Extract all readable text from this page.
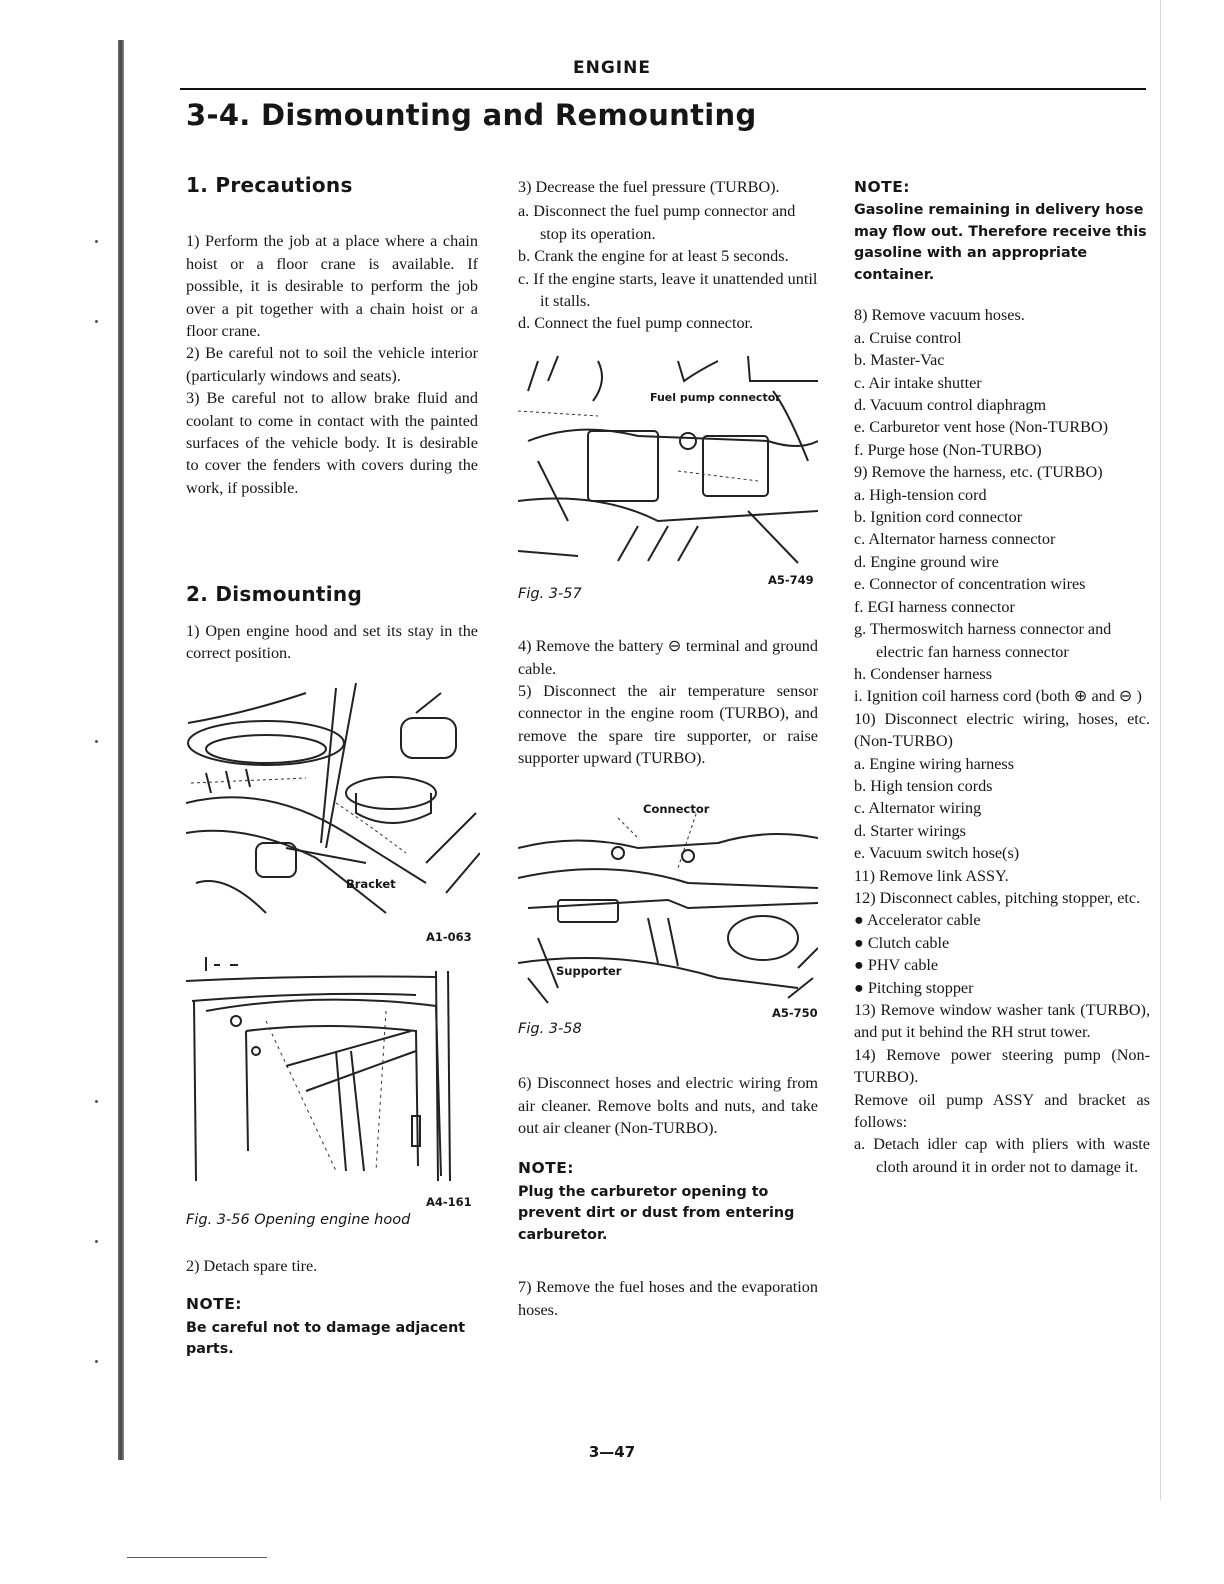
ENGINE
3-4. Dismounting and Remounting
1. Precautions

1) Perform the job at a place where a chain hoist or a floor crane is available. If possible, it is desirable to perform the job over a pit together with a chain hoist or a floor crane.

2) Be careful not to soil the vehicle interior (particularly windows and seats).

3) Be careful not to allow brake fluid and coolant to come in contact with the painted surfaces of the vehicle body. It is desirable to cover the fenders with covers during the work, if possible.

2. Dismounting

1) Open engine hood and set its stay in the correct position.

Bracket
A1-063
A4-161

Fig. 3-56 Opening engine hood

2) Detach spare tire.

NOTE:

Be careful not to damage adjacent parts.

3) Decrease the fuel pressure (TURBO).

a. Disconnect the fuel pump connector and stop its operation.

b. Crank the engine for at least 5 seconds.

c. If the engine starts, leave it unattended until it stalls.

d. Connect the fuel pump connector.

Fuel pump connector
A5-749

Fig. 3-57

4) Remove the battery ⊖ terminal and ground cable.

5) Disconnect the air temperature sensor connector in the engine room (TURBO), and remove the spare tire supporter, or raise supporter upward (TURBO).

Connector
Supporter
A5-750

Fig. 3-58

6) Disconnect hoses and electric wiring from air cleaner. Remove bolts and nuts, and take out air cleaner (Non-TURBO).

NOTE:

Plug the carburetor opening to prevent dirt or dust from entering carburetor.

7) Remove the fuel hoses and the evaporation hoses.

NOTE:

Gasoline remaining in delivery hose may flow out. Therefore receive this gasoline with an appropriate container.

8) Remove vacuum hoses.

a. Cruise control

b. Master-Vac

c. Air intake shutter

d. Vacuum control diaphragm

e. Carburetor vent hose (Non-TURBO)

f. Purge hose (Non-TURBO)

9) Remove the harness, etc. (TURBO)

a. High-tension cord

b. Ignition cord connector

c. Alternator harness connector

d. Engine ground wire

e. Connector of concentration wires

f. EGI harness connector

g. Thermoswitch harness connector and electric fan harness connector

h. Condenser harness

i. Ignition coil harness cord (both ⊕ and ⊖ )

10) Disconnect electric wiring, hoses, etc. (Non-TURBO)

a. Engine wiring harness

b. High tension cords

c. Alternator wiring

d. Starter wirings

e. Vacuum switch hose(s)

11) Remove link ASSY.

12) Disconnect cables, pitching stopper, etc.

● Accelerator cable

● Clutch cable

● PHV cable

● Pitching stopper

13) Remove window washer tank (TURBO), and put it behind the RH strut tower.

14) Remove power steering pump (Non-TURBO).

Remove oil pump ASSY and bracket as follows:

a. Detach idler cap with pliers with waste cloth around it in order not to damage it.

3—47
